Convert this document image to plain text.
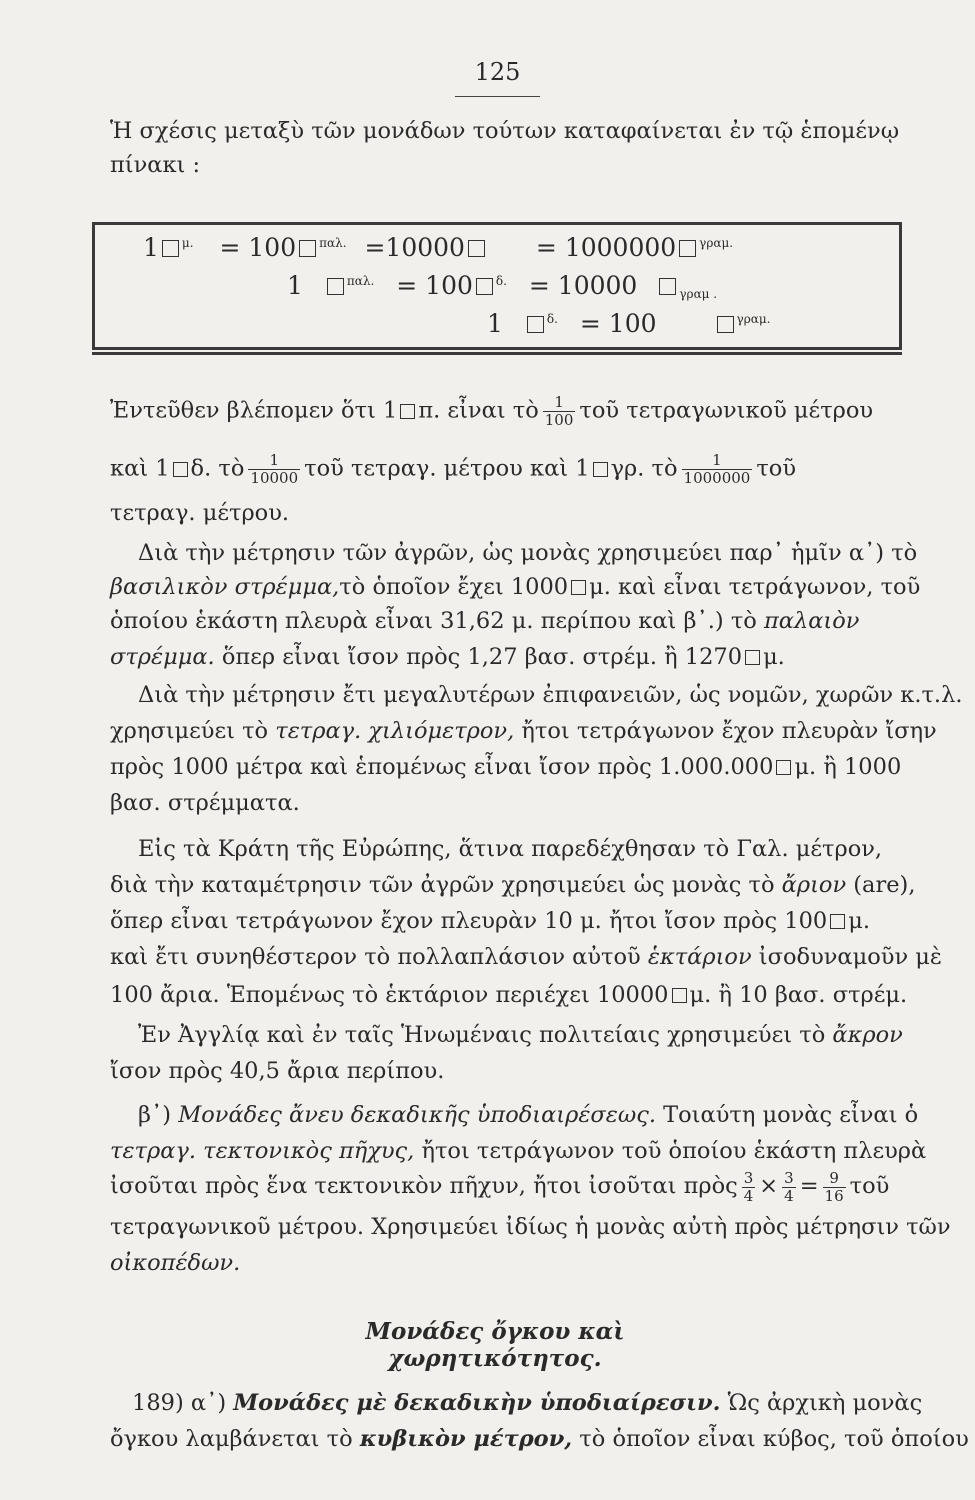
125
Ἡ σχέσις μεταξὺ τῶν μονάδων τούτων καταφαίνεται ἐν τῷ ἑπομένῳ
πίνακι :
1 $^{\mu.}$ = 100 $^{\pi\alpha\lambda.}$ =10000	= 1000000 $^{\gamma\rho\alpha\mu.}$
1	$^{\pi\alpha\lambda.}$ = 100 $^{\delta.}$ = 10000	$_{\gamma\rho\alpha\mu .}$
1	$^{\delta.}$ = 100	$^{\gamma\rho\alpha\mu.}$
Ἐντεῦθεν βλέπομεν ὅτι 1 π. εἶναι τὸ $\frac{1}{100}$ τοῦ τετραγωνικοῦ μέτρου
καὶ 1 δ. τὸ $\frac{1}{10000}$ τοῦ τετραγ. μέτρου καὶ 1 γρ. τὸ $\frac{1}{1000000}$ τοῦ
τετραγ. μέτρου.
Διὰ τὴν μέτρησιν τῶν ἀγρῶν, ὡς μονὰς χρησιμεύει παρ᾽ ἡμῖν α᾽) τὸ
βασιλικὸν στρέμμα,τὸ ὁποῖον ἔχει 1000 μ. καὶ εἶναι τετράγωνον, τοῦ
ὁποίου ἑκάστη πλευρὰ εἶναι 31,62 μ. περίπου καὶ β᾽.) τὸ παλαιὸν
στρέμμα. ὅπερ εἶναι ἴσον πρὸς 1,27 βασ. στρέμ. ἢ 1270 μ.
Διὰ τὴν μέτρησιν ἔτι μεγαλυτέρων ἐπιφανειῶν, ὡς νομῶν, χωρῶν κ.τ.λ.
χρησιμεύει τὸ τετραγ. χιλιόμετρον, ἤτοι τετράγωνον ἔχον πλευρὰν ἴσην
πρὸς 1000 μέτρα καὶ ἑπομένως εἶναι ἴσον πρὸς 1.000.000 μ. ἢ 1000
βασ. στρέμματα.
Εἰς τὰ Κράτη τῆς Εὐρώπης, ἅτινα παρεδέχθησαν τὸ Γαλ. μέτρον,
διὰ τὴν καταμέτρησιν τῶν ἀγρῶν χρησιμεύει ὡς μονὰς τὸ ἄριον (are),
ὅπερ εἶναι τετράγωνον ἔχον πλευρὰν 10 μ. ἤτοι ἴσον πρὸς 100 μ.
καὶ ἔτι συνηθέστερον τὸ πολλαπλάσιον αὐτοῦ ἑκτάριον ἰσοδυναμοῦν μὲ
100 ἄρια. Ἑπομένως τὸ ἑκτάριον περιέχει 10000 μ. ἢ 10 βασ. στρέμ.
Ἐν Ἀγγλίᾳ καὶ ἐν ταῖς Ἡνωμέναις πολιτείαις χρησιμεύει τὸ ἄκρον
ἴσον πρὸς 40,5 ἄρια περίπου.
β᾽) Μονάδες ἄνευ δεκαδικῆς ὑποδιαιρέσεως. Τοιαύτη μονὰς εἶναι ὁ
τετραγ. τεκτονικὸς πῆχυς, ἤτοι τετράγωνον τοῦ ὁποίου ἑκάστη πλευρὰ
ἰσοῦται πρὸς ἕνα τεκτονικὸν πῆχυν, ἤτοι ἰσοῦται πρὸς $\frac{3}{4} \times \frac{3}{4} = \frac{9}{16}$ τοῦ
τετραγωνικοῦ μέτρου. Χρησιμεύει ἰδίως ἡ μονὰς αὐτὴ πρὸς μέτρησιν τῶν
οἰκοπέδων.
Μονάδες ὄγκου καὶ χωρητικότητος.
189) α᾽) Μονάδες μὲ δεκαδικὴν ὑποδιαίρεσιν. Ὡς ἀρχικὴ μονὰς
ὄγκου λαμβάνεται τὸ κυβικὸν μέτρον, τὸ ὁποῖον εἶναι κύβος, τοῦ ὁποίου
